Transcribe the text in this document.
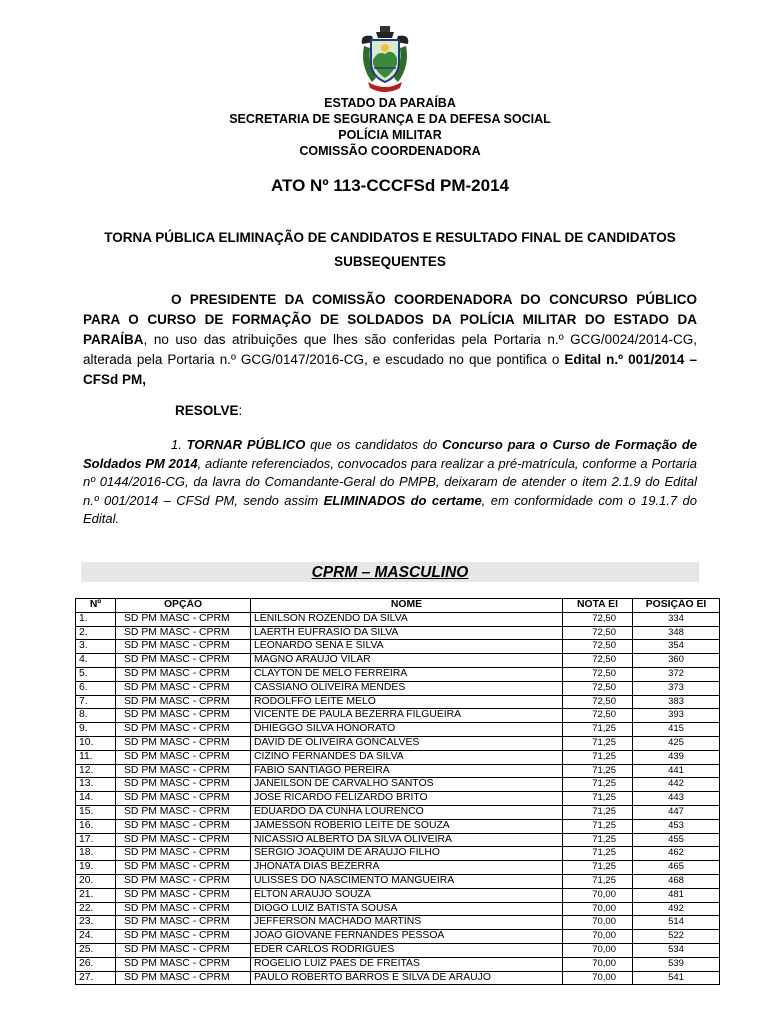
ESTADO DA PARAÍBA
SECRETARIA DE SEGURANÇA E DA DEFESA SOCIAL
POLÍCIA MILITAR
COMISSÃO COORDENADORA
ATO Nº 113-CCCFSd PM-2014
TORNA PÚBLICA ELIMINAÇÃO DE CANDIDATOS E RESULTADO FINAL DE CANDIDATOS SUBSEQUENTES
O PRESIDENTE DA COMISSÃO COORDENADORA DO CONCURSO PÚBLICO PARA O CURSO DE FORMAÇÃO DE SOLDADOS DA POLÍCIA MILITAR DO ESTADO DA PARAÍBA, no uso das atribuições que lhes são conferidas pela Portaria n.º GCG/0024/2014-CG, alterada pela Portaria n.º GCG/0147/2016-CG, e escudado no que pontifica o Edital n.º 001/2014 – CFSd PM,
RESOLVE:
1. TORNAR PÚBLICO que os candidatos do Concurso para o Curso de Formação de Soldados PM 2014, adiante referenciados, convocados para realizar a pré-matrícula, conforme a Portaria nº 0144/2016-CG, da lavra do Comandante-Geral do PMPB, deixaram de atender o item 2.1.9 do Edital n.º 001/2014 – CFSd PM, sendo assim ELIMINADOS do certame, em conformidade com o 19.1.7 do Edital.
CPRM – MASCULINO
Nº	OPÇÃO	NOME	NOTA EI	POSIÇÃO EI
1.	SD PM MASC - CPRM	LENILSON ROZENDO DA SILVA	72,50	334
2.	SD PM MASC - CPRM	LAERTH EUFRASIO DA SILVA	72,50	348
3.	SD PM MASC - CPRM	LEONARDO SENA E SILVA	72,50	354
4.	SD PM MASC - CPRM	MAGNO ARAUJO VILAR	72,50	360
5.	SD PM MASC - CPRM	CLAYTON DE MELO FERREIRA	72,50	372
6.	SD PM MASC - CPRM	CASSIANO OLIVEIRA MENDES	72,50	373
7.	SD PM MASC - CPRM	RODOLFFO LEITE MELO	72,50	383
8.	SD PM MASC - CPRM	VICENTE DE PAULA BEZERRA FILGUEIRA	72,50	393
9.	SD PM MASC - CPRM	DHIEGGO SILVA HONORATO	71,25	415
10.	SD PM MASC - CPRM	DAVID DE OLIVEIRA GONCALVES	71,25	425
11.	SD PM MASC - CPRM	CIZINO FERNANDES DA SILVA	71,25	439
12.	SD PM MASC - CPRM	FABIO SANTIAGO PEREIRA	71,25	441
13.	SD PM MASC - CPRM	JANEILSON DE CARVALHO SANTOS	71,25	442
14.	SD PM MASC - CPRM	JOSE RICARDO FELIZARDO BRITO	71,25	443
15.	SD PM MASC - CPRM	EDUARDO DA CUNHA LOURENCO	71,25	447
16.	SD PM MASC - CPRM	JAMESSON ROBERIO LEITE DE SOUZA	71,25	453
17.	SD PM MASC - CPRM	NICASSIO ALBERTO DA SILVA OLIVEIRA	71,25	455
18.	SD PM MASC - CPRM	SERGIO JOAQUIM DE ARAUJO FILHO	71,25	462
19.	SD PM MASC - CPRM	JHONATA DIAS BEZERRA	71,25	465
20.	SD PM MASC - CPRM	ULISSES DO NASCIMENTO MANGUEIRA	71,25	468
21.	SD PM MASC - CPRM	ELTON ARAUJO SOUZA	70,00	481
22.	SD PM MASC - CPRM	DIOGO LUIZ BATISTA SOUSA	70,00	492
23.	SD PM MASC - CPRM	JEFFERSON MACHADO MARTINS	70,00	514
24.	SD PM MASC - CPRM	JOAO GIOVANE FERNANDES PESSOA	70,00	522
25.	SD PM MASC - CPRM	EDER CARLOS RODRIGUES	70,00	534
26.	SD PM MASC - CPRM	ROGELIO LUIZ PAES DE FREITAS	70,00	539
27.	SD PM MASC - CPRM	PAULO ROBERTO BARROS E SILVA DE ARAUJO	70,00	541
